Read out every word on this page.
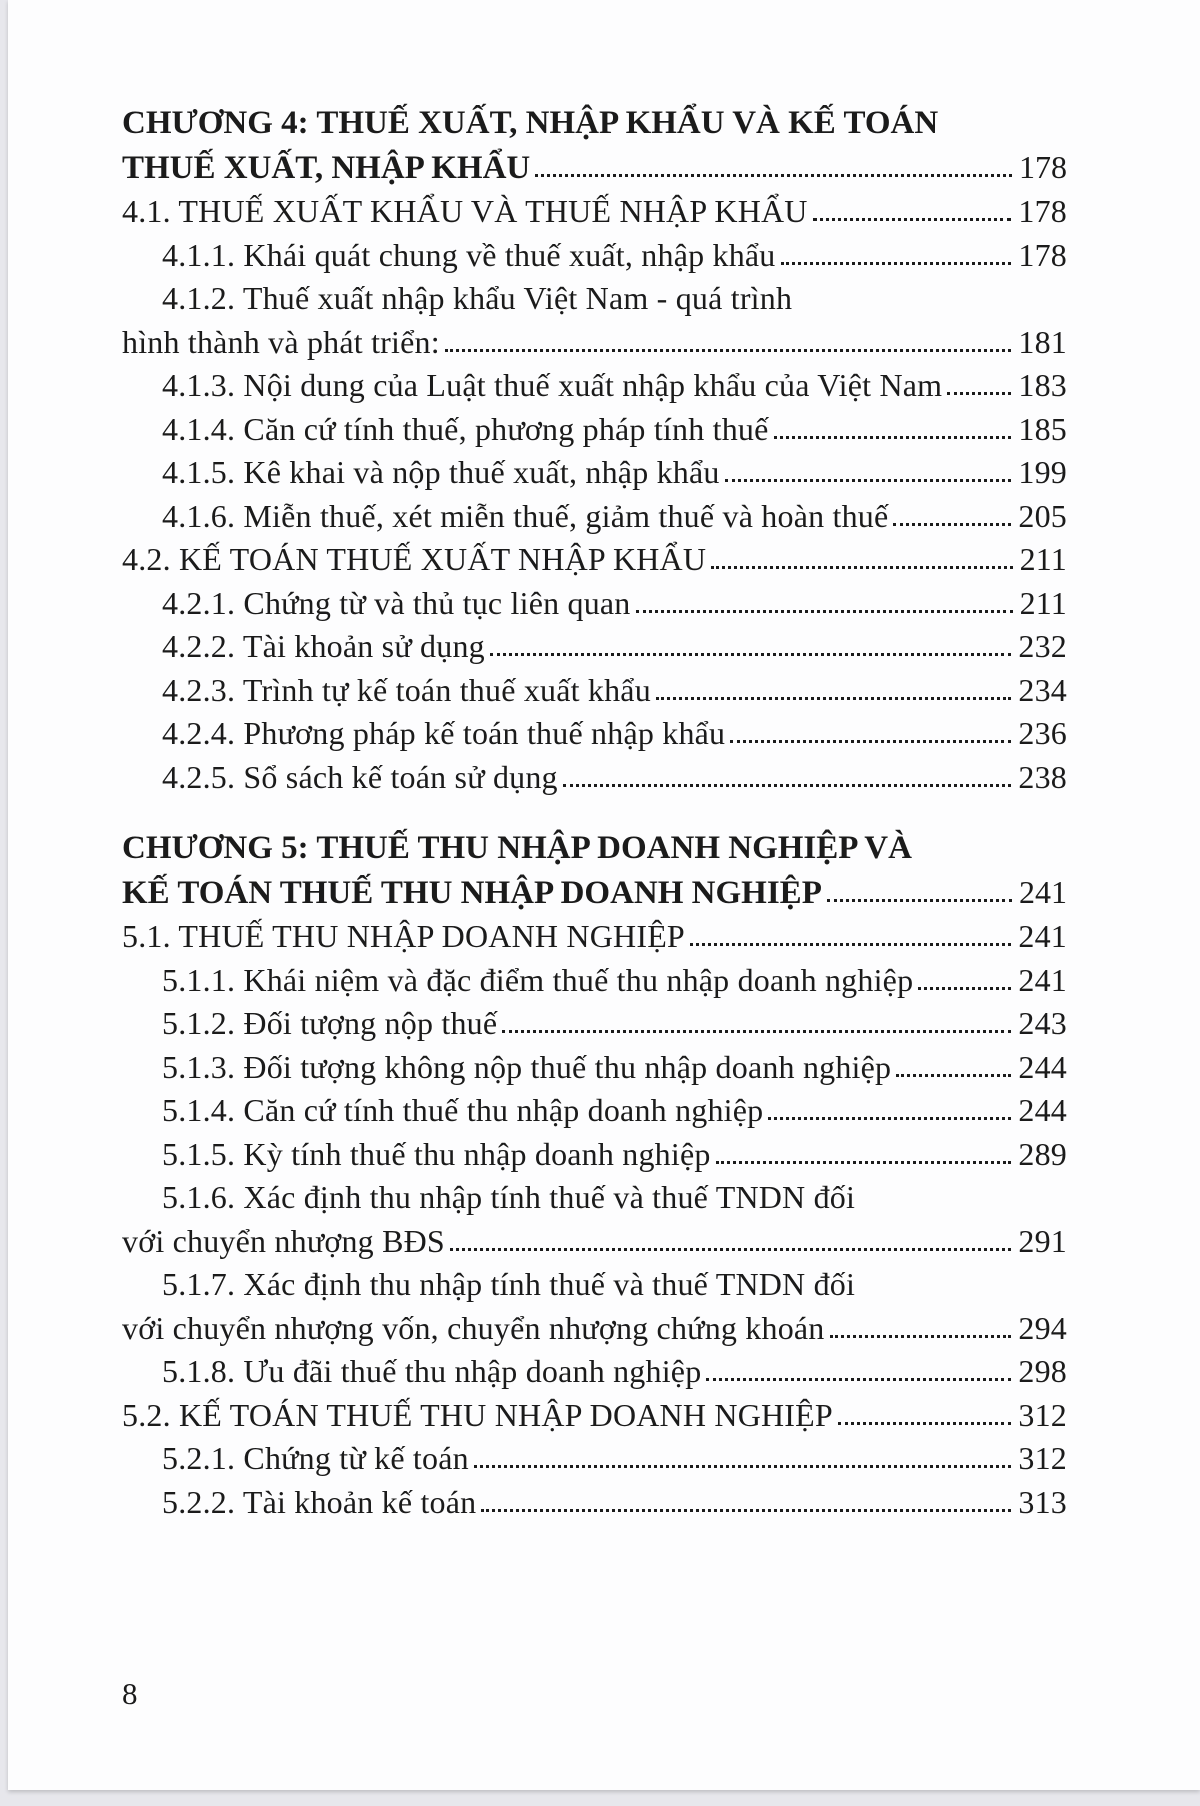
CHƯƠNG 4: THUẾ XUẤT, NHẬP KHẨU VÀ KẾ TOÁN
THUẾ XUẤT, NHẬP KHẨU	178
4.1. THUẾ XUẤT KHẨU VÀ THUẾ NHẬP KHẨU	178
4.1.1. Khái quát chung về thuế xuất, nhập khẩu	178
4.1.2. Thuế xuất nhập khẩu Việt Nam - quá trình
hình thành và phát triển:	181
4.1.3. Nội dung của Luật thuế xuất nhập khẩu của Việt Nam 183
4.1.4. Căn cứ tính thuế, phương pháp tính thuế	185
4.1.5. Kê khai và nộp thuế xuất, nhập khẩu	199
4.1.6. Miễn thuế, xét miễn thuế, giảm thuế và hoàn thuế	205
4.2. KẾ TOÁN THUẾ XUẤT NHẬP KHẨU	211
4.2.1. Chứng từ và thủ tục liên quan	211
4.2.2. Tài khoản sử dụng	232
4.2.3. Trình tự kế toán thuế xuất khẩu	234
4.2.4. Phương pháp kế toán thuế nhập khẩu	236
4.2.5. Sổ sách kế toán sử dụng	238
CHƯƠNG 5: THUẾ THU NHẬP DOANH NGHIỆP VÀ
KẾ TOÁN THUẾ THU NHẬP DOANH NGHIỆP	241
5.1. THUẾ THU NHẬP DOANH NGHIỆP	241
5.1.1. Khái niệm và đặc điểm thuế thu nhập doanh nghiệp	241
5.1.2. Đối tượng nộp thuế	243
5.1.3. Đối tượng không nộp thuế thu nhập doanh nghiệp	244
5.1.4. Căn cứ tính thuế thu nhập doanh nghiệp	244
5.1.5. Kỳ tính thuế thu nhập doanh nghiệp	289
5.1.6. Xác định thu nhập tính thuế và thuế TNDN đối
với chuyển nhượng BĐS	291
5.1.7. Xác định thu nhập tính thuế và thuế TNDN đối
với chuyển nhượng vốn, chuyển nhượng chứng khoán	294
5.1.8. Ưu đãi thuế thu nhập doanh nghiệp	298
5.2. KẾ TOÁN THUẾ THU NHẬP DOANH NGHIỆP	312
5.2.1. Chứng từ kế toán	312
5.2.2. Tài khoản kế toán	313
8
